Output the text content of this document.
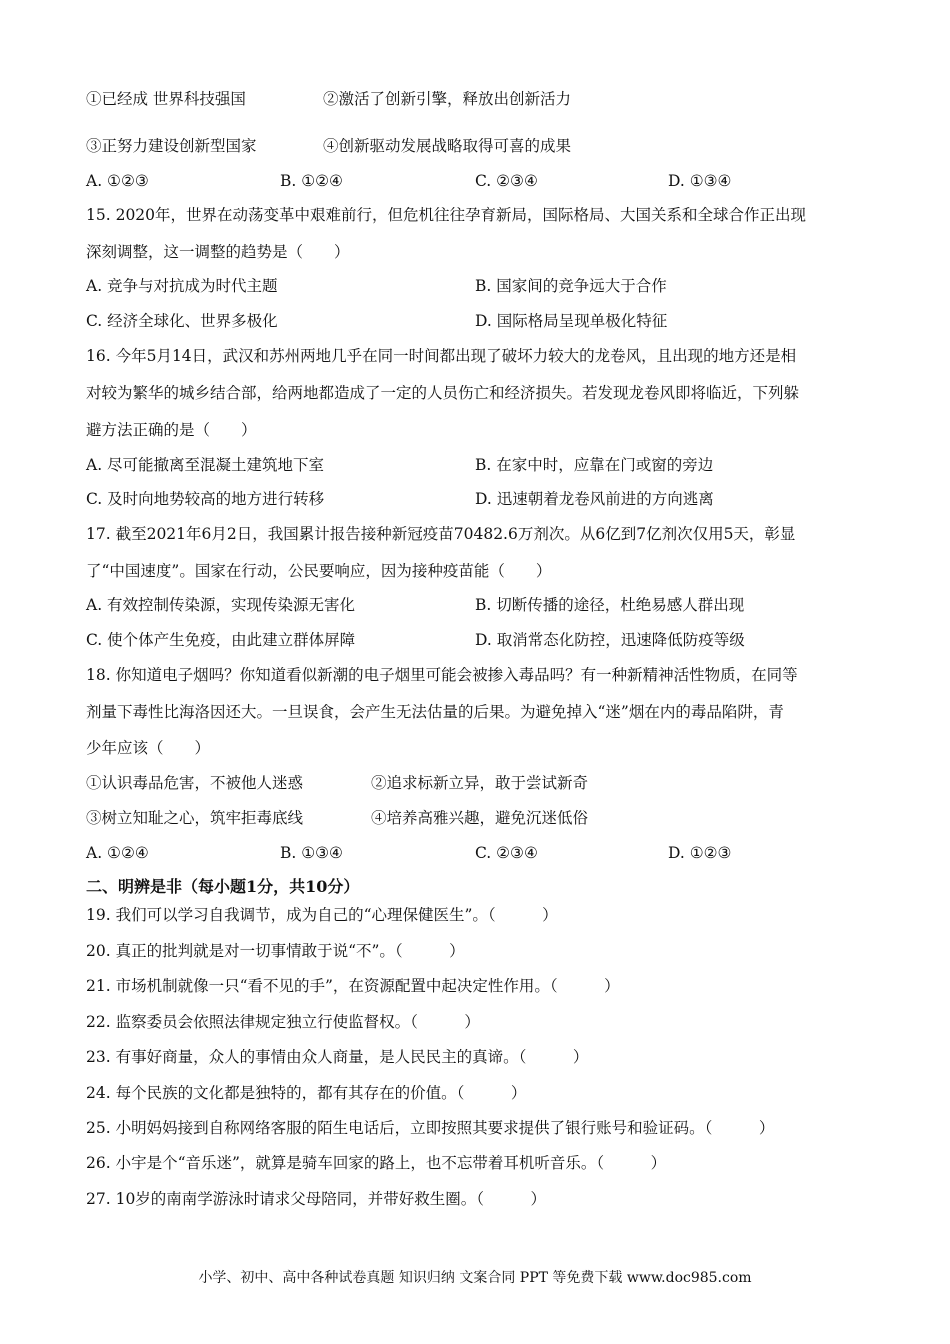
①已经成 世界科技强国	②激活了创新引擎，释放出创新活力
③正努力建设创新型国家	④创新驱动发展战略取得可喜的成果
A. ①②③	B. ①②④	C. ②③④	D. ①③④
15. 2020年，世界在动荡变革中艰难前行，但危机往往孕育新局，国际格局、大国关系和全球合作正出现
深刻调整，这一调整的趋势是（　　）
A. 竞争与对抗成为时代主题	B. 国家间的竞争远大于合作
C. 经济全球化、世界多极化	D. 国际格局呈现单极化特征
16. 今年5月14日，武汉和苏州两地几乎在同一时间都出现了破坏力较大的龙卷风，且出现的地方还是相
对较为繁华的城乡结合部，给两地都造成了一定的人员伤亡和经济损失。若发现龙卷风即将临近，下列躲
避方法正确的是（　　）
A. 尽可能撤离至混凝土建筑地下室	B. 在家中时，应靠在门或窗的旁边
C. 及时向地势较高的地方进行转移	D. 迅速朝着龙卷风前进的方向逃离
17. 截至2021年6月2日，我国累计报告接种新冠疫苗70482.6万剂次。从6亿到7亿剂次仅用5天，彰显
了“中国速度”。国家在行动，公民要响应，因为接种疫苗能（　　）
A. 有效控制传染源，实现传染源无害化	B. 切断传播的途径，杜绝易感人群出现
C. 使个体产生免疫，由此建立群体屏障	D. 取消常态化防控，迅速降低防疫等级
18. 你知道电子烟吗？你知道看似新潮的电子烟里可能会被掺入毒品吗？有一种新精神活性物质，在同等
剂量下毒性比海洛因还大。一旦误食，会产生无法估量的后果。为避免掉入“迷”烟在内的毒品陷阱，青
少年应该（　　）
①认识毒品危害，不被他人迷惑	②追求标新立异，敢于尝试新奇
③树立知耻之心，筑牢拒毒底线	④培养高雅兴趣，避免沉迷低俗
A. ①②④	B. ①③④	C. ②③④	D. ①②③
二、明辨是非（每小题1分，共10分）
19. 我们可以学习自我调节，成为自己的“心理保健医生”。（　　　）
20. 真正的批判就是对一切事情敢于说“不”。（　　　）
21. 市场机制就像一只“看不见的手”，在资源配置中起决定性作用。（　　　）
22. 监察委员会依照法律规定独立行使监督权。（　　　）
23. 有事好商量，众人的事情由众人商量，是人民民主的真谛。（　　　）
24. 每个民族的文化都是独特的，都有其存在的价值。（　　　）
25. 小明妈妈接到自称网络客服的陌生电话后，立即按照其要求提供了银行账号和验证码。（　　　）
26. 小宇是个“音乐迷”，就算是骑车回家的路上，也不忘带着耳机听音乐。（　　　）
27. 10岁的南南学游泳时请求父母陪同，并带好救生圈。（　　　）
小学、初中、高中各种试卷真题 知识归纳 文案合同 PPT 等免费下载 www.doc985.com
